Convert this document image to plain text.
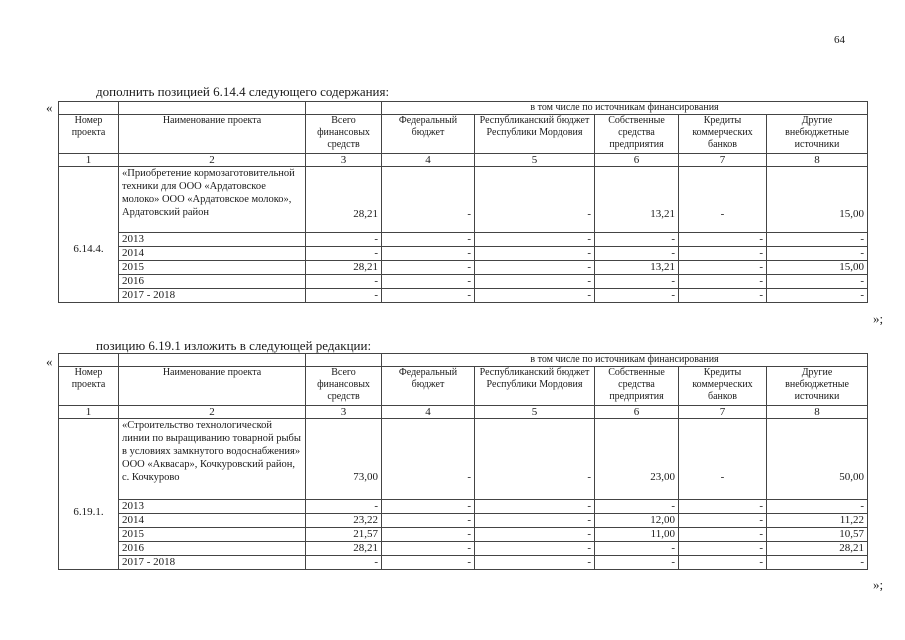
64
дополнить позицией 6.14.4 следующего содержания:
«
»;
			в том числе по источникам финансирования				
Номер проекта	Наименование проекта	Всего финансовых средств	Федеральный бюджет	Республиканский бюджет Республики Мордовия	Собственные средства предприятия	Кредиты коммерческих банков	Другие внебюджетные источники
1	2	3	4	5	6	7	8
6.14.4.	«Приобретение кормозаготовительной техники для ООО «Ардатовское молоко» ООО «Ардатовское молоко», Ардатовский район	28,21	-	-	13,21	-	15,00
	2013	-	-	-	-	-	-
	2014	-	-	-	-	-	-
	2015	28,21	-	-	13,21	-	15,00
	2016	-	-	-	-	-	-
	2017 - 2018	-	-	-	-	-	-
позицию 6.19.1 изложить в следующей редакции:
«
»;
			в том числе по источникам финансирования				
Номер проекта	Наименование проекта	Всего финансовых средств	Федеральный бюджет	Республиканский бюджет Республики Мордовия	Собственные средства предприятия	Кредиты коммерческих банков	Другие внебюджетные источники
1	2	3	4	5	6	7	8
6.19.1.	«Строительство технологической линии по выращиванию товарной рыбы в условиях замкнутого водоснабжения» ООО «Аквасар», Кочкуровский район, с. Кочкурово	73,00	-	-	23,00	-	50,00
	2013	-	-	-	-	-	-
	2014	23,22	-	-	12,00	-	11,22
	2015	21,57	-	-	11,00	-	10,57
	2016	28,21	-	-	-	-	28,21
	2017 - 2018	-	-	-	-	-	-
